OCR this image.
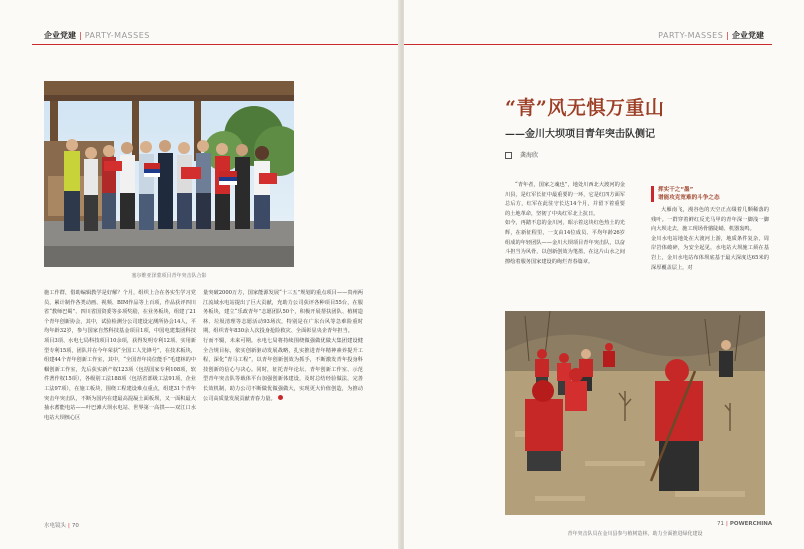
企业党建 | PARTY-MASSES
塞尔维亚泽蒙项目青年突击队合影

施工作群，借助编辑教学是好解？个月，组织上合在各实生学习党员，累计制作各类动画、视频、BIM作品等上百项，作品获评四川省“教师巴蜀”、四川省国资委等多项奖励，在业务板块，组建了21个青年创新协会，其中，试验检测分公司建设定测所协会14人，平均年龄32岁，参与国家自然科技基金项目1项，中国电建集团科技项目3项、水电七局科技项目10余项，获得发明专利12项、实用新型专利15项，团队并在今年荣获“全国工人先锋号”，在技术板块，组建44个青年创新工作室，其中，“全国青年岗位能手”毛建林的中帼创新工作室，先后获实新产权123项（包括国家专利108项，软件著作权15项），各级别工法188项（包括省部级工法91项，企业工法97项），在施工板块，围绕工程建设难点重点，组建31个青年突击年突击队，不断为国内在建最高混凝土面板坝，又一面积最大抽水蓄能电站——叶巴滩大坝水电站、世界第一高拱——双江口水电站大坝核心区

量突破2000万方，国家能源发展“十三五”规划的重点项目——贵州两江流域水电站提出了巨大贡献，充助力公司获评各种项目55台，在服务板块，建立“乐政青年”志愿团队50个，积极开展帮扶团队、植树造林、垃圾清理等志愿活动93场次，特别是在广东台风等急难险重时期，组织青年830余人次投身抢险救灾、全面彰显央企青年担当。
行而不辍，未来可期。水电七局将持续围绕做强做优做大集团建设健全合规目标，依实创新驱动发展战略，扎实推进青年精神素养提升工程，深化“青马工程”，以青年创新创效为抓手，不断激发青年投身科技创新的信心与决心。同时，征托青年论坛、青年创新工作室、示范型青年突击队等载体平台加强创新体建设，及时总结经验做法，完善长效机制，助力公司不断做优做强做大，实现更大价值创造，为推动公司高质量发展贡献青春力量。

水电镜头 | 70
PARTY-MASSES | 企业党建
“青”风无惧万重山
——金川大坝项目青年突击队侧记
龚海欣

“青年者，国家之魂也”，地处川西北大渡河的金川县，是红军长征中最重要的一环，它是红四方面军总后方，红军在此驻守长达14个月，并留下着重要的土地革命，坚韧了中央红军北上抗日。
如今，再踏不息的金川河，昭示着这块红色热土的光辉，在新征程里，一支由14位成员、平均年龄26岁组成的年轻团队——金川大坝项目青年突击队，以奋斗担当为风骨，以创新创效为笔墨，在这片山水之间擦绘着服务国家建设的绚烂青春篇章。

挥实干之“墨”
谱能攻克宽难的斗争之态

大雁南飞，漫谷色的天空正点缀着几颗稀落的残叶。一群穿着鲜红反光马甲的青年深一脚浅一脚向大坝走去，施工现场骨骼陡峭、机器轰鸣。
金川水电站地处在大渡河上游，地质条件复杂，周岸岩体破碎，为安全起见，水电站大坝施工须在基岩上，金川水电站布体坝底基于最大深度达65米的深厚覆盖层上，对

青年突击队员在金川县参与植树造林，助力全面推进绿化建设
71 | POWERCHINA
